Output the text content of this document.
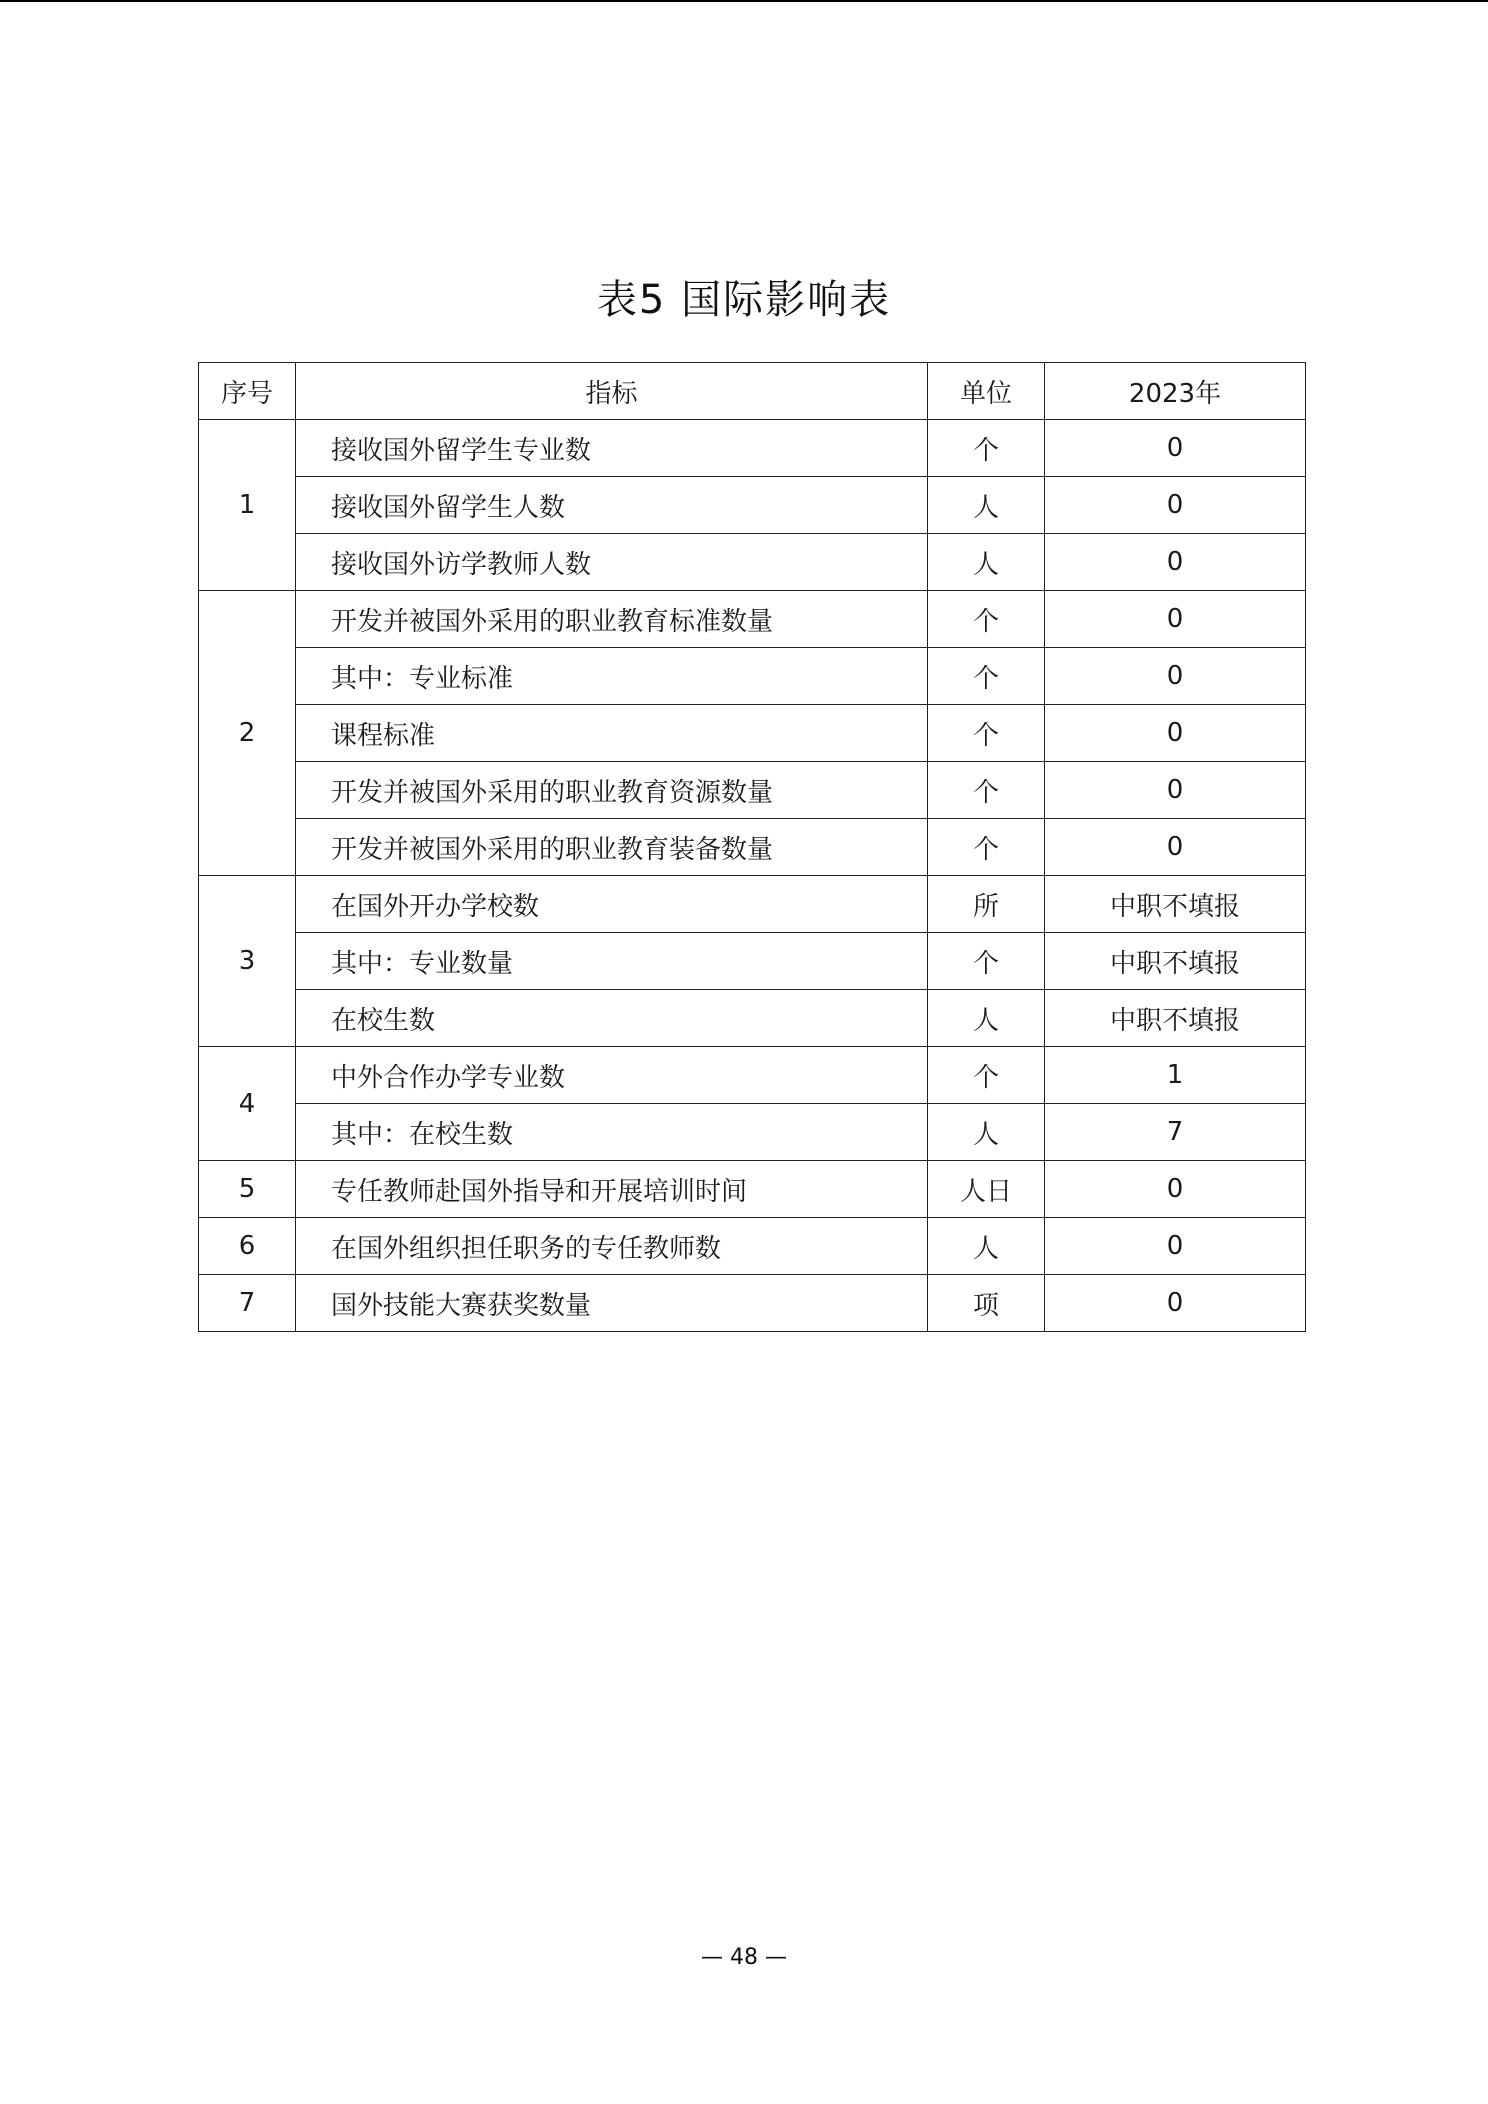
表5 国际影响表
序号	指标	单位	2023年
1	接收国外留学生专业数	个	0
	接收国外留学生人数	人	0
	接收国外访学教师人数	人	0
2	开发并被国外采用的职业教育标准数量	个	0
	其中：专业标准	个	0
	课程标准	个	0
	开发并被国外采用的职业教育资源数量	个	0
	开发并被国外采用的职业教育装备数量	个	0
3	在国外开办学校数	所	中职不填报
	其中：专业数量	个	中职不填报
	在校生数	人	中职不填报
4	中外合作办学专业数	个	1
	其中：在校生数	人	7
5	专任教师赴国外指导和开展培训时间	人日	0
6	在国外组织担任职务的专任教师数	人	0
7	国外技能大赛获奖数量	项	0
— 48 —
